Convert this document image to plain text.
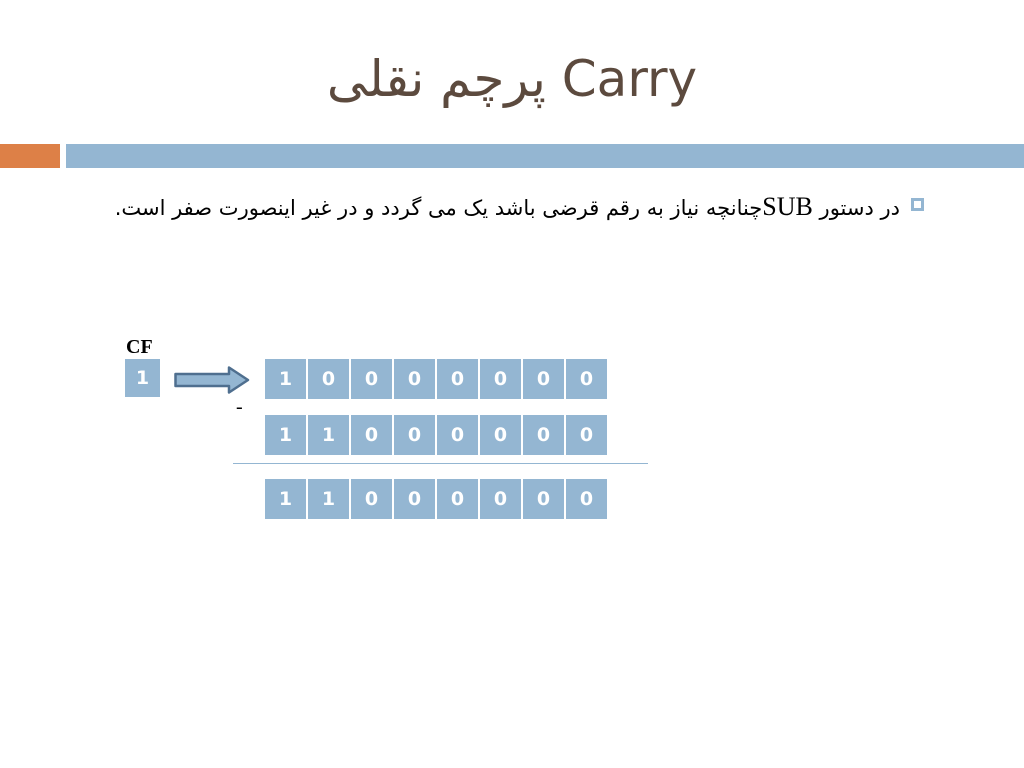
پرچم نقلی Carry
در دستور SUBچنانچه نیاز به رقم قرضی باشد یک می گردد و در غیر اینصورت صفر است.
CF
1
-
1	0	0	0	0	0	0	0
1	1	0	0	0	0	0	0
1	1	0	0	0	0	0	0
